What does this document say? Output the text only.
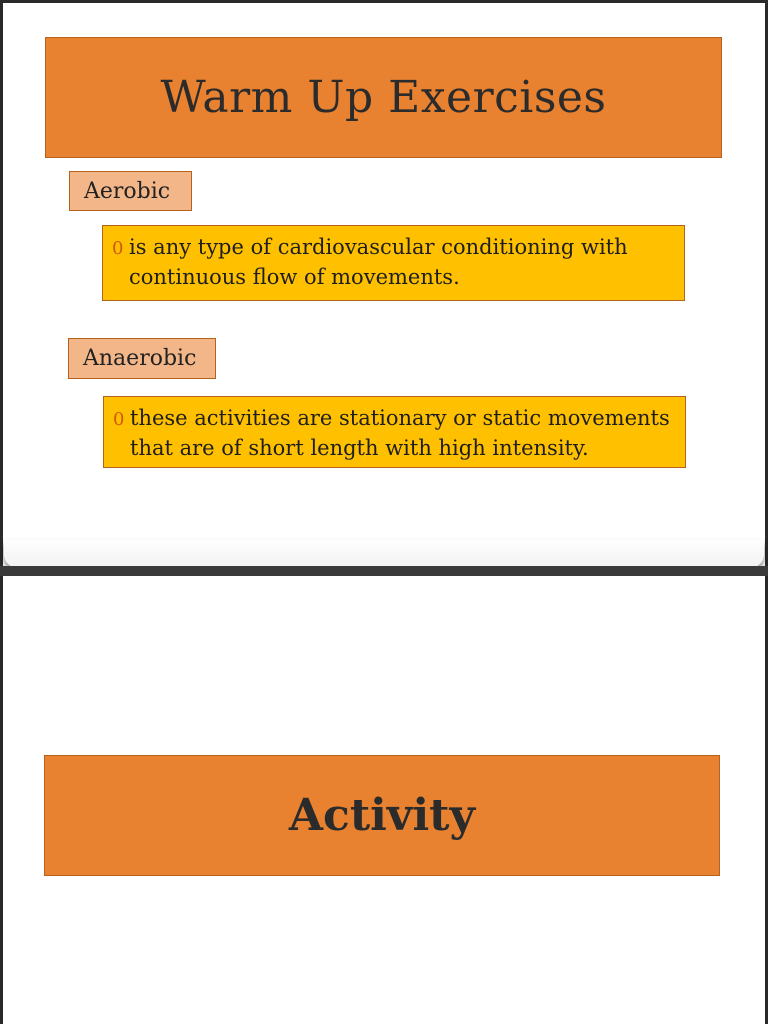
Warm Up Exercises
Aerobic
0 is any type of cardiovascular conditioning with continuous flow of movements.
Anaerobic
0 these activities are stationary or static movements that are of short length with high intensity.
Activity
